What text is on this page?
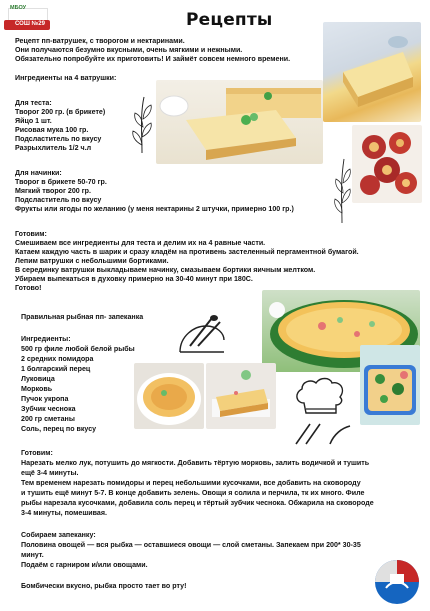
МБОУ
СОШ №29	Рецепты
Рецепт пп-ватрушек, с творогом и нектаринами.
Они получаются безумно вкусными, очень мягкими и нежными.
Обязательно попробуйте их приготовить! И займёт совсем немного времени.
Ингредиенты на 4 ватрушки:
Для теста:
Творог 200 гр. (в брикете)
Яйцо 1 шт.
Рисовая мука 100 гр.
Подсластитель по вкусу
Разрыхлитель 1/2 ч.л
Для начинки:
Творог в брикете 50-70 гр.
Мягкий творог 200 гр.
Подсластитель по вкусу
Фрукты или ягоды по желанию (у меня нектарины 2 штучки, примерно 100 гр.)
Готовим:
Смешиваем все ингредиенты для теста и делим их на 4 равные части.
Катаем каждую часть в шарик и сразу кладём на противень застеленный пергаментной бумагой.
Лепим ватрушки с небольшими бортиками.
В серединку ватрушки выкладываем начинку, смазываем бортики яичным желтком.
Убираем выпекаться в духовку примерно на 30-40 минут при 180С.
Готово!
Правильная рыбная пп- запеканка
Ингредиенты:
500 гр филе любой белой рыбы
2 средних помидора
1 болгарский перец
Луковица
Морковь
Пучок укропа
Зубчик чеснока
200 гр сметаны
Соль, перец по вкусу
Готовим:
Нарезать мелко лук, потушить до мягкости. Добавить тёртую морковь, залить водичкой и тушить
ещё 3-4 минуты.
Тем временем нарезать помидоры и перец небольшими кусочками, все добавить на сковороду
и тушить ещё минут 5-7. В конце добавить зелень. Овощи я солила и перчила, тк их много. Филе
рыбы нарезала кусочками, добавила соль перец и тёртый зубчик чеснока. Обжарила на сковороде
3-4 минуты, помешивая.
Собираем запеканку:
Половина овощей — вся рыбка — оставшиеся овощи — слой сметаны. Запекаем при 200* 30-35
минут.
Подаём с гарниром и/или овощами.
Бомбически вкусно, рыбка просто тает во рту!
